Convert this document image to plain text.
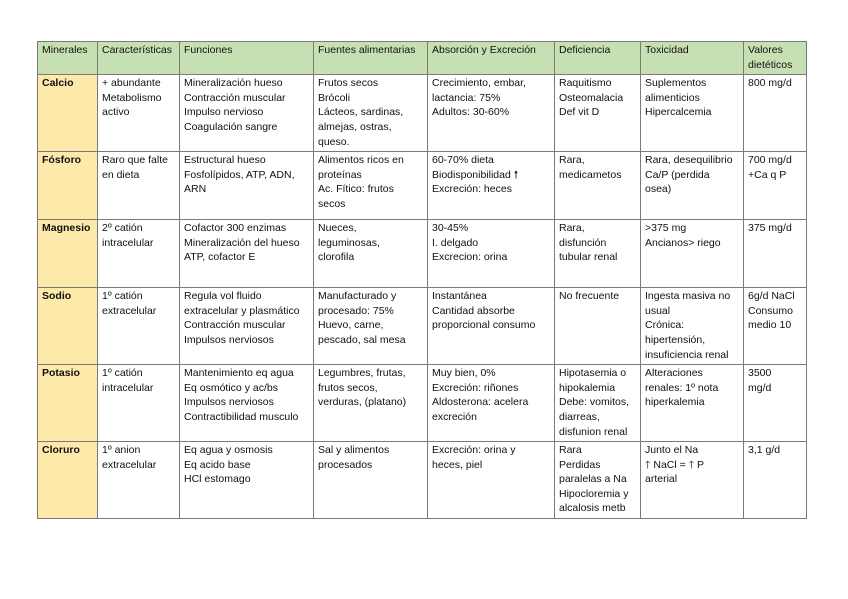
Minerales	Características	Funciones	Fuentes alimentarias	Absorción y Excreción	Deficiencia	Toxicidad	Valores
dietéticos
Calcio	+ abundante
Metabolismo
activo	Mineralización hueso
Contracción muscular
Impulso nervioso
Coagulación sangre	Frutos secos
Brócoli
Lácteos, sardinas,
almejas, ostras,
queso.	Crecimiento, embar,
lactancia: 75%
Adultos: 30-60%	Raquitismo
Osteomalacia
Def vit D	Suplementos
alimenticios
Hipercalcemia	800 mg/d

Fósforo	Raro que falte
en dieta	Estructural hueso
Fosfolípidos, ATP, ADN,
ARN	Alimentos ricos en
proteínas
Ac. Fítico: frutos
secos	60-70% dieta
Biodisponibilidad 🠕
Excreción: heces	Rara,
medicametos	Rara, desequilibrio
Ca/P (perdida
osea)	700 mg/d
+Ca q P

Magnesio	2º catión
intracelular	Cofactor 300 enzimas
Mineralización del hueso
ATP, cofactor E	Nueces,
leguminosas,
clorofila	30-45%
I. delgado
Excrecion: orina	Rara,
disfunción
tubular renal	>375 mg
Ancianos> riego	375 mg/d

Sodio	1º catión
extracelular	Regula vol fluido
extracelular y plasmático
Contracción muscular
Impulsos nerviosos	Manufacturado y
procesado: 75%
Huevo, carne,
pescado, sal mesa	Instantánea
Cantidad absorbe
proporcional consumo	No frecuente	Ingesta masiva no
usual
Crónica:
hipertensión,
insuficiencia renal	6g/d NaCl
Consumo
medio 10

Potasio	1º catión
intracelular	Mantenimiento eq agua
Eq osmótico y ac/bs
Impulsos nerviosos
Contractibilidad musculo	Legumbres, frutas,
frutos secos,
verduras, (platano)	Muy bien, 0%
Excreción: riñones
Aldosterona: acelera
excreción	Hipotasemia o
hipokalemia
Debe: vomitos,
diarreas,
disfunion renal	Alteraciones
renales: 1º nota
hiperkalemia	3500
mg/d

Cloruro	1º anion
extracelular	Eq agua y osmosis
Eq acido base
HCl estomago	Sal y alimentos
procesados	Excreción: orina y
heces, piel	Rara
Perdidas
paralelas a Na
Hipocloremia y
alcalosis metb	Junto el Na
🡑 NaCl = 🡑 P
arterial	3,1 g/d
